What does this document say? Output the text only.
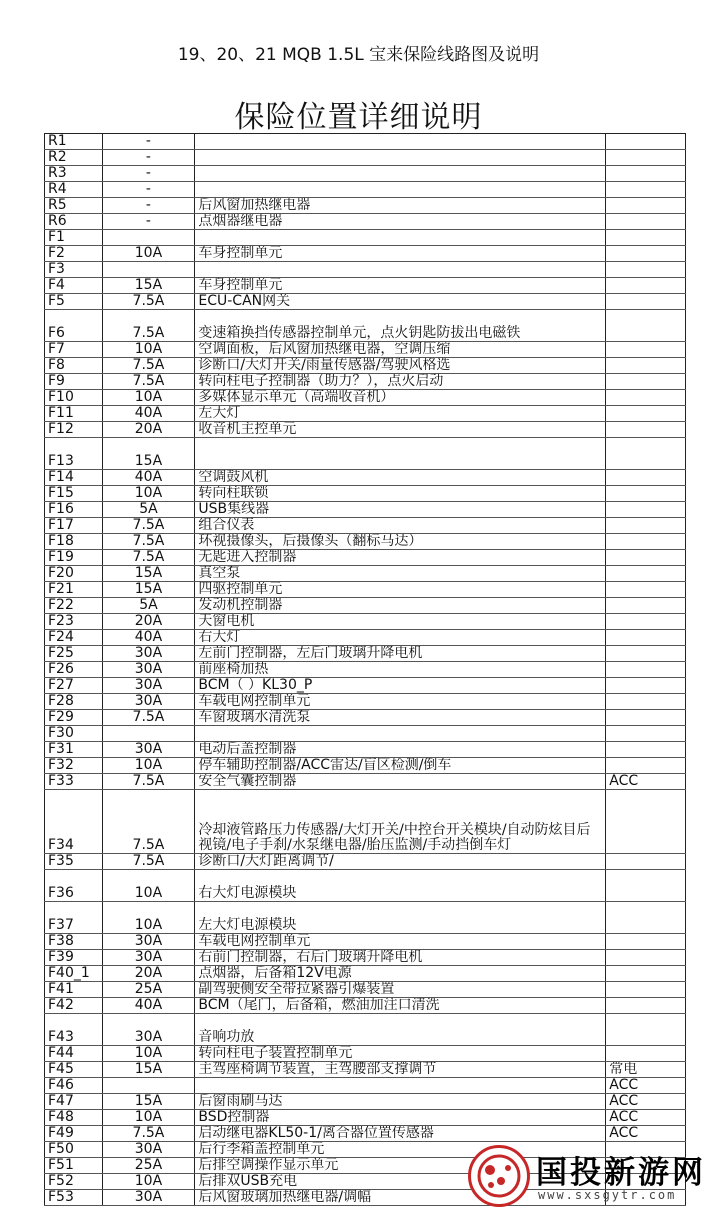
19、20、21 MQB 1.5L 宝来保险线路图及说明
保险位置详细说明
R1	-		
R2	-		
R3	-		
R4	-		
R5	-	后风窗加热继电器	
R6	-	点烟器继电器	
F1			
F2	10A	车身控制单元	
F3			
F4	15A	车身控制单元	
F5	7.5A	ECU-CAN网关	
F6	7.5A	变速箱换挡传感器控制单元，点火钥匙防拔出电磁铁	
F7	10A	空调面板，后风窗加热继电器，空调压缩	
F8	7.5A	诊断口/大灯开关/雨量传感器/驾驶风格选	
F9	7.5A	转向柱电子控制器（助力？），点火启动	
F10	10A	多媒体显示单元（高端收音机）	
F11	40A	左大灯	
F12	20A	收音机主控单元	
F13	15A		
F14	40A	空调鼓风机	
F15	10A	转向柱联锁	
F16	5A	USB集线器	
F17	7.5A	组合仪表	
F18	7.5A	环视摄像头，后摄像头（翻标马达）	
F19	7.5A	无匙进入控制器	
F20	15A	真空泵	
F21	15A	四驱控制单元	
F22	5A	发动机控制器	
F23	20A	天窗电机	
F24	40A	右大灯	
F25	30A	左前门控制器，左后门玻璃升降电机	
F26	30A	前座椅加热	
F27	30A	BCM（ ）KL30_P	
F28	30A	车载电网控制单元	
F29	7.5A	车窗玻璃水清洗泵	
F30			
F31	30A	电动后盖控制器	
F32	10A	停车辅助控制器/ACC雷达/盲区检测/倒车	
F33	7.5A	安全气囊控制器	ACC
F34	7.5A	冷却液管路压力传感器/大灯开关/中控台开关模块/自动防炫目后视镜/电子手刹/水泵继电器/胎压监测/手动挡倒车灯	
F35	7.5A	诊断口/大灯距离调节/	
F36	10A	右大灯电源模块	
F37	10A	左大灯电源模块	
F38	30A	车载电网控制单元	
F39	30A	右前门控制器，右后门玻璃升降电机	
F40_1	20A	点烟器，后备箱12V电源	
F41	25A	副驾驶侧安全带拉紧器引爆装置	
F42	40A	BCM（尾门，后备箱，燃油加注口清洗	
F43	30A	音响功放	
F44	10A	转向柱电子装置控制单元	
F45	15A	主驾座椅调节装置，主驾腰部支撑调节	常电
F46			ACC
F47	15A	后窗雨刷马达	ACC
F48	10A	BSD控制器	ACC
F49	7.5A	启动继电器KL50-1/离合器位置传感器	ACC
F50	30A	后行李箱盖控制单元	
F51	25A	后排空调操作显示单元	
F52	10A	后排双USB充电	
F53	30A	后风窗玻璃加热继电器/调幅	
国投新游网
www.sxsgytr.com
